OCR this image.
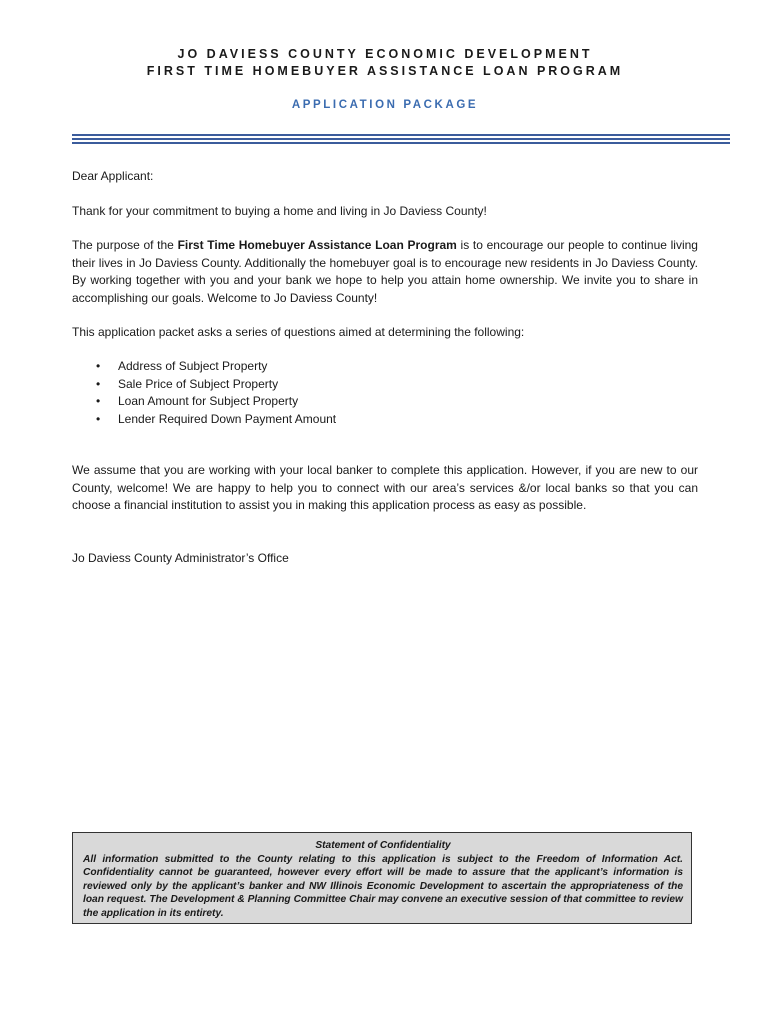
JO DAVIESS COUNTY ECONOMIC DEVELOPMENT
FIRST TIME HOMEBUYER ASSISTANCE LOAN PROGRAM
APPLICATION PACKAGE
Dear Applicant:
Thank for your commitment to buying a home and living in Jo Daviess County!
The purpose of the First Time Homebuyer Assistance Loan Program is to encourage our people to continue living their lives in Jo Daviess County. Additionally the homebuyer goal is to encourage new residents in Jo Daviess County. By working together with you and your bank we hope to help you attain home ownership. We invite you to share in accomplishing our goals. Welcome to Jo Daviess County!
This application packet asks a series of questions aimed at determining the following:
• Address of Subject Property
• Sale Price of Subject Property
• Loan Amount for Subject Property
• Lender Required Down Payment Amount
We assume that you are working with your local banker to complete this application. However, if you are new to our County, welcome! We are happy to help you to connect with our area’s services &/or local banks so that you can choose a financial institution to assist you in making this application process as easy as possible.
Jo Daviess County Administrator’s Office
Statement of Confidentiality
All information submitted to the County relating to this application is subject to the Freedom of Information Act. Confidentiality cannot be guaranteed, however every effort will be made to assure that the applicant’s information is reviewed only by the applicant’s banker and NW Illinois Economic Development to ascertain the appropriateness of the loan request. The Development & Planning Committee Chair may convene an executive session of that committee to review the application in its entirety.
